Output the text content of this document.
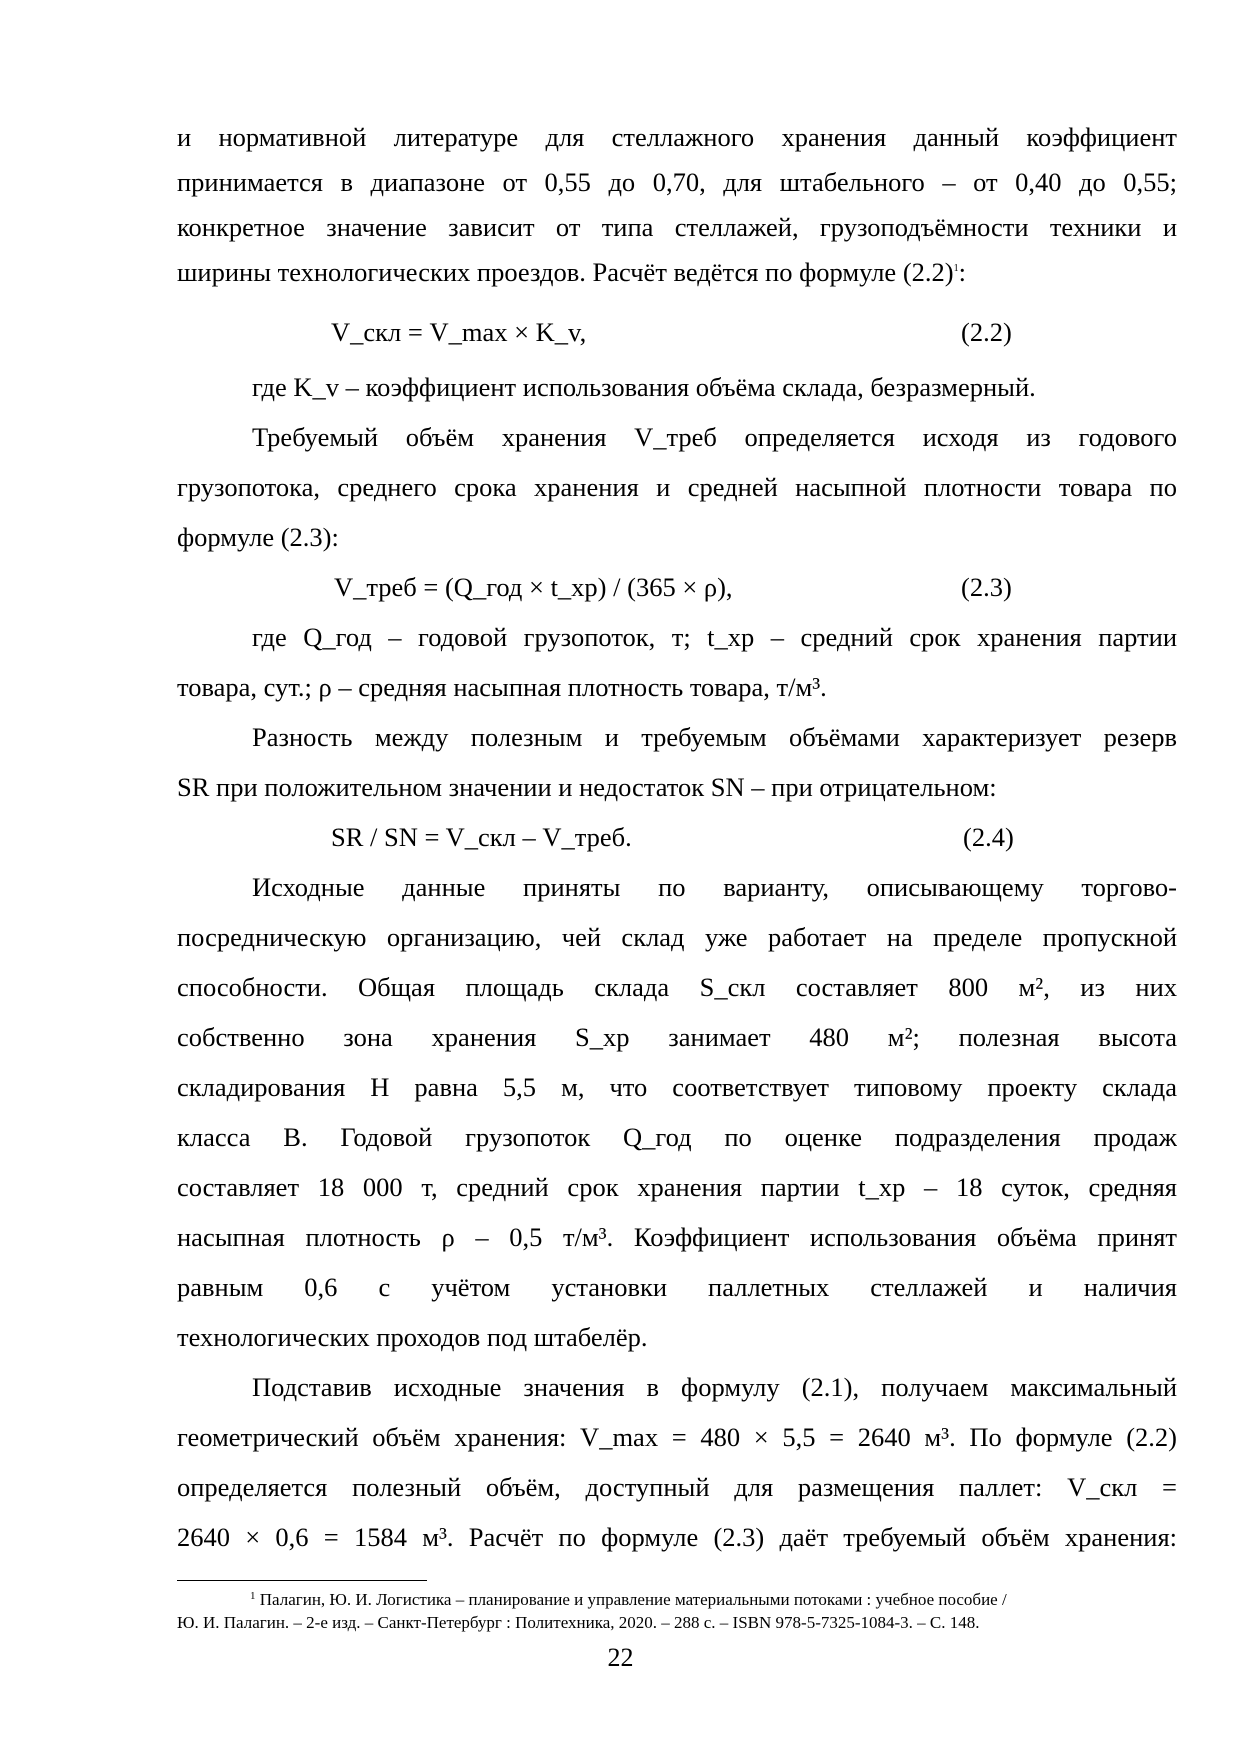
и нормативной литературе для стеллажного хранения данный коэффициент
принимается в диапазоне от 0,55 до 0,70, для штабельного – от 0,40 до 0,55;
конкретное значение зависит от типа стеллажей, грузоподъёмности техники и
ширины технологических проездов. Расчёт ведётся по формуле (2.2)$^1$:
V_скл = V_max × K_v,	(2.2)
где K_v – коэффициент использования объёма склада, безразмерный.
Требуемый объём хранения V_треб определяется исходя из годового
грузопотока, среднего срока хранения и средней насыпной плотности товара по
формуле (2.3):
V_треб = (Q_год × t_хр) / (365 × ρ),	(2.3)
где Q_год – годовой грузопоток, т; t_хр – средний срок хранения партии
товара, сут.; ρ – средняя насыпная плотность товара, т/м³.
Разность между полезным и требуемым объёмами характеризует резерв
SR при положительном значении и недостаток SN – при отрицательном:
SR / SN = V_скл – V_треб.	(2.4)
Исходные данные приняты по варианту, описывающему торгово-
посредническую организацию, чей склад уже работает на пределе пропускной
способности. Общая площадь склада S_скл составляет 800 м², из них
собственно зона хранения S_хр занимает 480 м²; полезная высота
складирования H равна 5,5 м, что соответствует типовому проекту склада
класса B. Годовой грузопоток Q_год по оценке подразделения продаж
составляет 18 000 т, средний срок хранения партии t_хр – 18 суток, средняя
насыпная плотность ρ – 0,5 т/м³. Коэффициент использования объёма принят
равным 0,6 с учётом установки паллетных стеллажей и наличия
технологических проходов под штабелёр.
Подставив исходные значения в формулу (2.1), получаем максимальный
геометрический объём хранения: V_max = 480 × 5,5 = 2640 м³. По формуле (2.2)
определяется полезный объём, доступный для размещения паллет: V_скл =
2640 × 0,6 = 1584 м³. Расчёт по формуле (2.3) даёт требуемый объём хранения:
$^1$ Палагин, Ю. И. Логистика – планирование и управление материальными потоками : учебное пособие /
Ю. И. Палагин. – 2-е изд. – Санкт-Петербург : Политехника, 2020. – 288 с. – ISBN 978-5-7325-1084-3. – С. 148.
22
